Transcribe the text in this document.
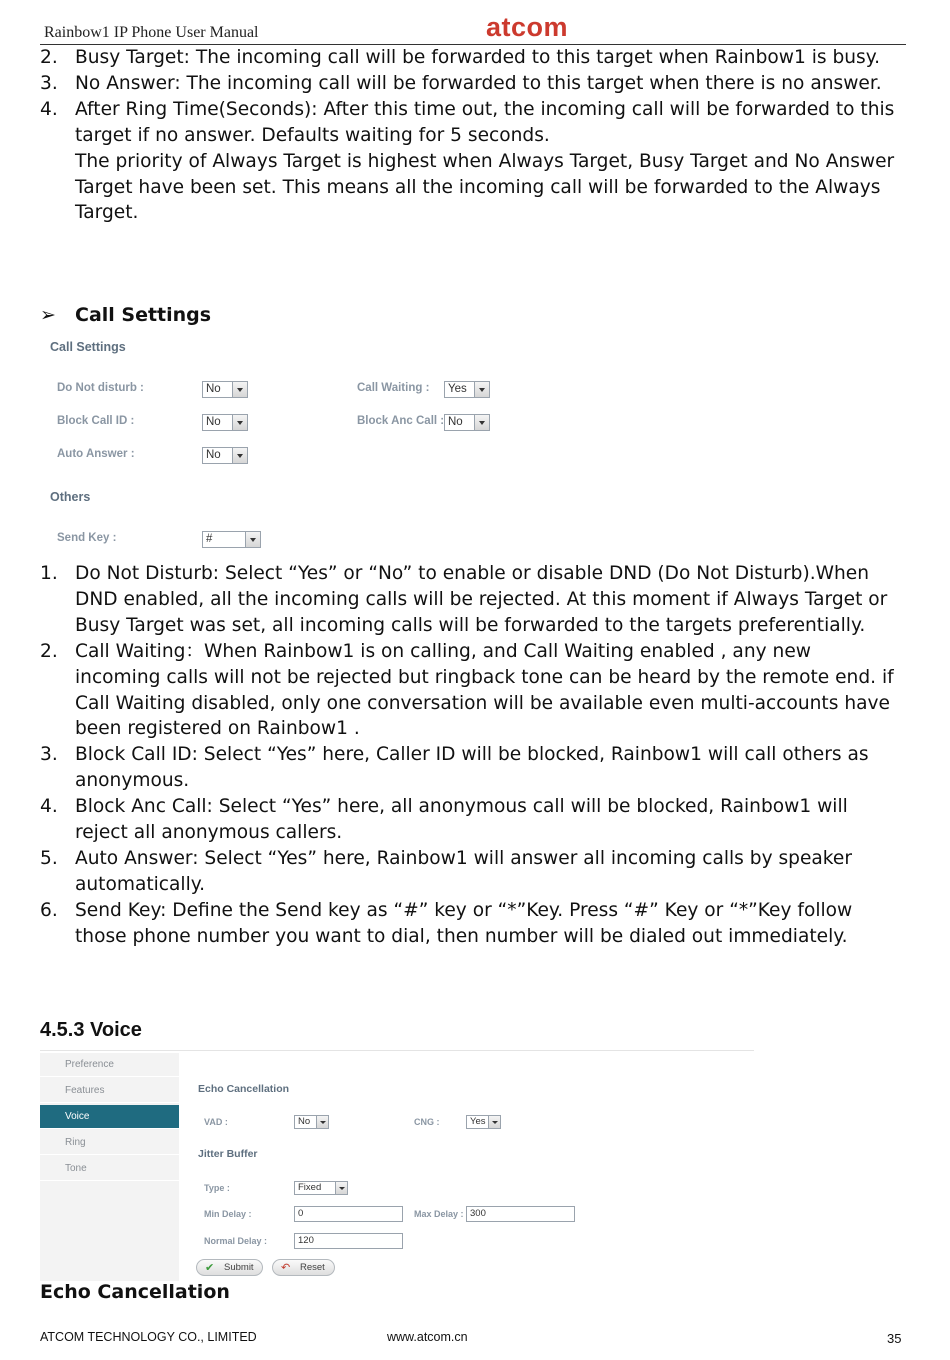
Rainbow1 IP Phone User Manual	atcom
2. Busy Target: The incoming call will be forwarded to this target when Rainbow1 is busy.
3. No Answer: The incoming call will be forwarded to this target when there is no answer.
4. After Ring Time(Seconds): After this time out, the incoming call will be forwarded to this target if no answer. Defaults waiting for 5 seconds.
The priority of Always Target is highest when Always Target, Busy Target and No Answer Target have been set. This means all the incoming call will be forwarded to the Always Target.
➢ Call Settings
Call Settings
Do Not disturb :	No	Call Waiting :	Yes
Block Call ID :	No	Block Anc Call : No
Auto Answer :	No
Others
Send Key :	#
1. Do Not Disturb: Select “Yes” or “No” to enable or disable DND (Do Not Disturb).When DND enabled, all the incoming calls will be rejected. At this moment if Always Target or Busy Target was set, all incoming calls will be forwarded to the targets preferentially.
2. Call Waiting：When Rainbow1 is on calling, and Call Waiting enabled , any new incoming calls will not be rejected but ringback tone can be heard by the remote end. if Call Waiting disabled, only one conversation will be available even multi-accounts have been registered on Rainbow1 .
3. Block Call ID: Select “Yes” here, Caller ID will be blocked, Rainbow1 will call others as anonymous.
4. Block Anc Call: Select “Yes” here, all anonymous call will be blocked, Rainbow1 will reject all anonymous callers.
5. Auto Answer: Select “Yes” here, Rainbow1 will answer all incoming calls by speaker automatically.
6. Send Key: Define the Send key as “#” key or “*”Key. Press “#” Key or “*”Key follow those phone number you want to dial, then number will be dialed out immediately.
4.5.3 Voice
Preference
Features
Voice
Ring
Tone
Echo Cancellation
VAD :	No	CNG :	Yes
Jitter Buffer
Type :	Fixed
Min Delay :	0	Max Delay : 300
Normal Delay :	120
✔ Submit ↶ Reset
Echo Cancellation
ATCOM TECHNOLOGY CO., LIMITED	www.atcom.cn	35
